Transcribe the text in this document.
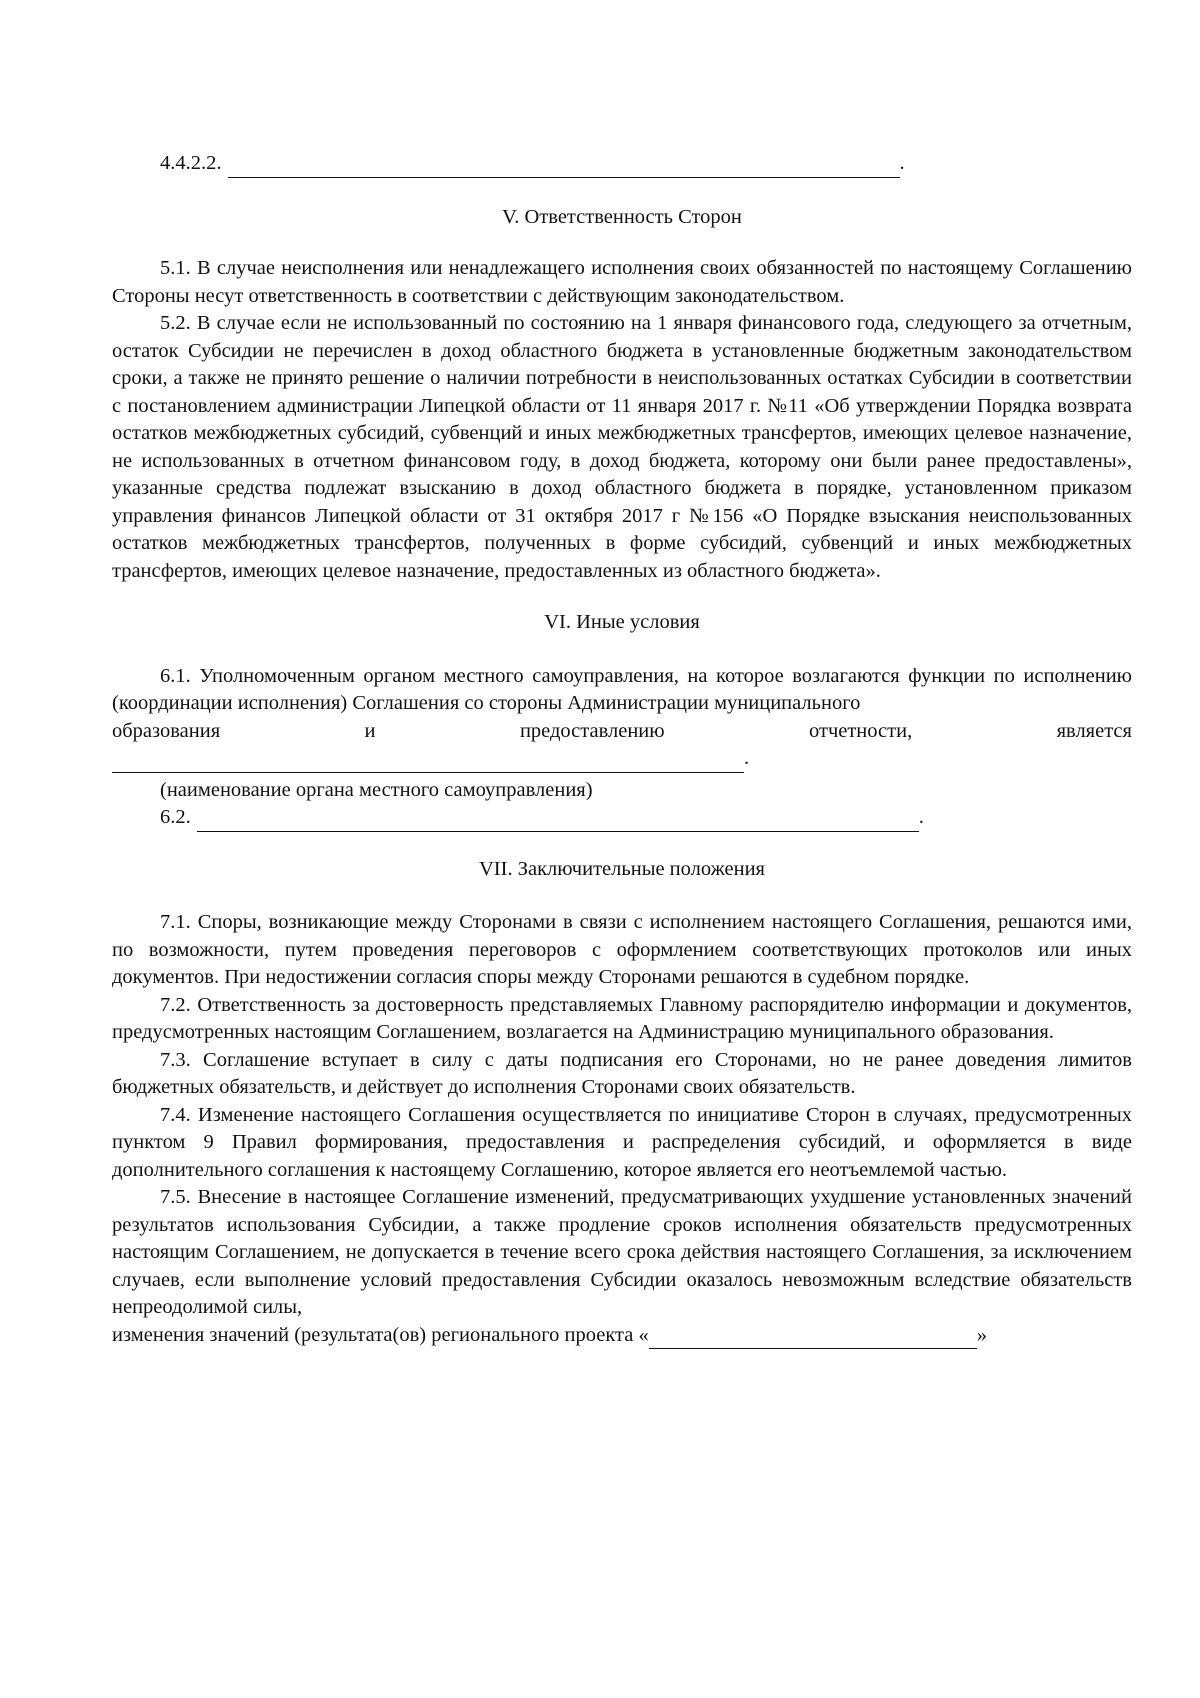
4.4.2.2.	.
V. Ответственность Сторон

5.1. В случае неисполнения или ненадлежащего исполнения своих обязанностей по настоящему Соглашению Стороны несут ответственность в соответствии с действующим законодательством.

5.2. В случае если не использованный по состоянию на 1 января финансового года, следующего за отчетным, остаток Субсидии не перечислен в доход областного бюджета в установленные бюджетным законодательством сроки, а также не принято решение о наличии потребности в неиспользованных остатках Субсидии в соответствии с постановлением администрации Липецкой области от 11 января 2017 г. №11 «Об утверждении Порядка возврата остатков межбюджетных субсидий, субвенций и иных межбюджетных трансфертов, имеющих целевое назначение, не использованных в отчетном финансовом году, в доход бюджета, которому они были ранее предоставлены», указанные средства подлежат взысканию в доход областного бюджета в порядке, установленном приказом управления финансов Липецкой области от 31 октября 2017 г №156 «О Порядке взыскания неиспользованных остатков межбюджетных трансфертов, полученных в форме субсидий, субвенций и иных межбюджетных трансфертов, имеющих целевое назначение, предоставленных из областного бюджета».

VI. Иные условия

6.1. Уполномоченным органом местного самоуправления, на которое возлагаются функции по исполнению (координации исполнения) Соглашения со стороны Администрации муниципального

образования	и	предоставлению	отчетности,	является
.
(наименование органа местного самоуправления)
6.2.	.
VII. Заключительные положения

7.1. Споры, возникающие между Сторонами в связи с исполнением настоящего Соглашения, решаются ими, по возможности, путем проведения переговоров с оформлением соответствующих протоколов или иных документов. При недостижении согласия споры между Сторонами решаются в судебном порядке.

7.2. Ответственность за достоверность представляемых Главному распорядителю информации и документов, предусмотренных настоящим Соглашением, возлагается на Администрацию муниципального образования.

7.3. Соглашение вступает в силу с даты подписания его Сторонами, но не ранее доведения лимитов бюджетных обязательств, и действует до исполнения Сторонами своих обязательств.

7.4. Изменение настоящего Соглашения осуществляется по инициативе Сторон в случаях, предусмотренных пунктом 9 Правил формирования, предоставления и распределения субсидий, и оформляется в виде дополнительного соглашения к настоящему Соглашению, которое является его неотъемлемой частью.

7.5. Внесение в настоящее Соглашение изменений, предусматривающих ухудшение установленных значений результатов использования Субсидии, а также продление сроков исполнения обязательств предусмотренных настоящим Соглашением, не допускается в течение всего срока действия настоящего Соглашения, за исключением случаев, если выполнение условий предоставления Субсидии оказалось невозможным вследствие обязательств непреодолимой силы,

изменения значений (результата(ов) регионального проекта «	»
